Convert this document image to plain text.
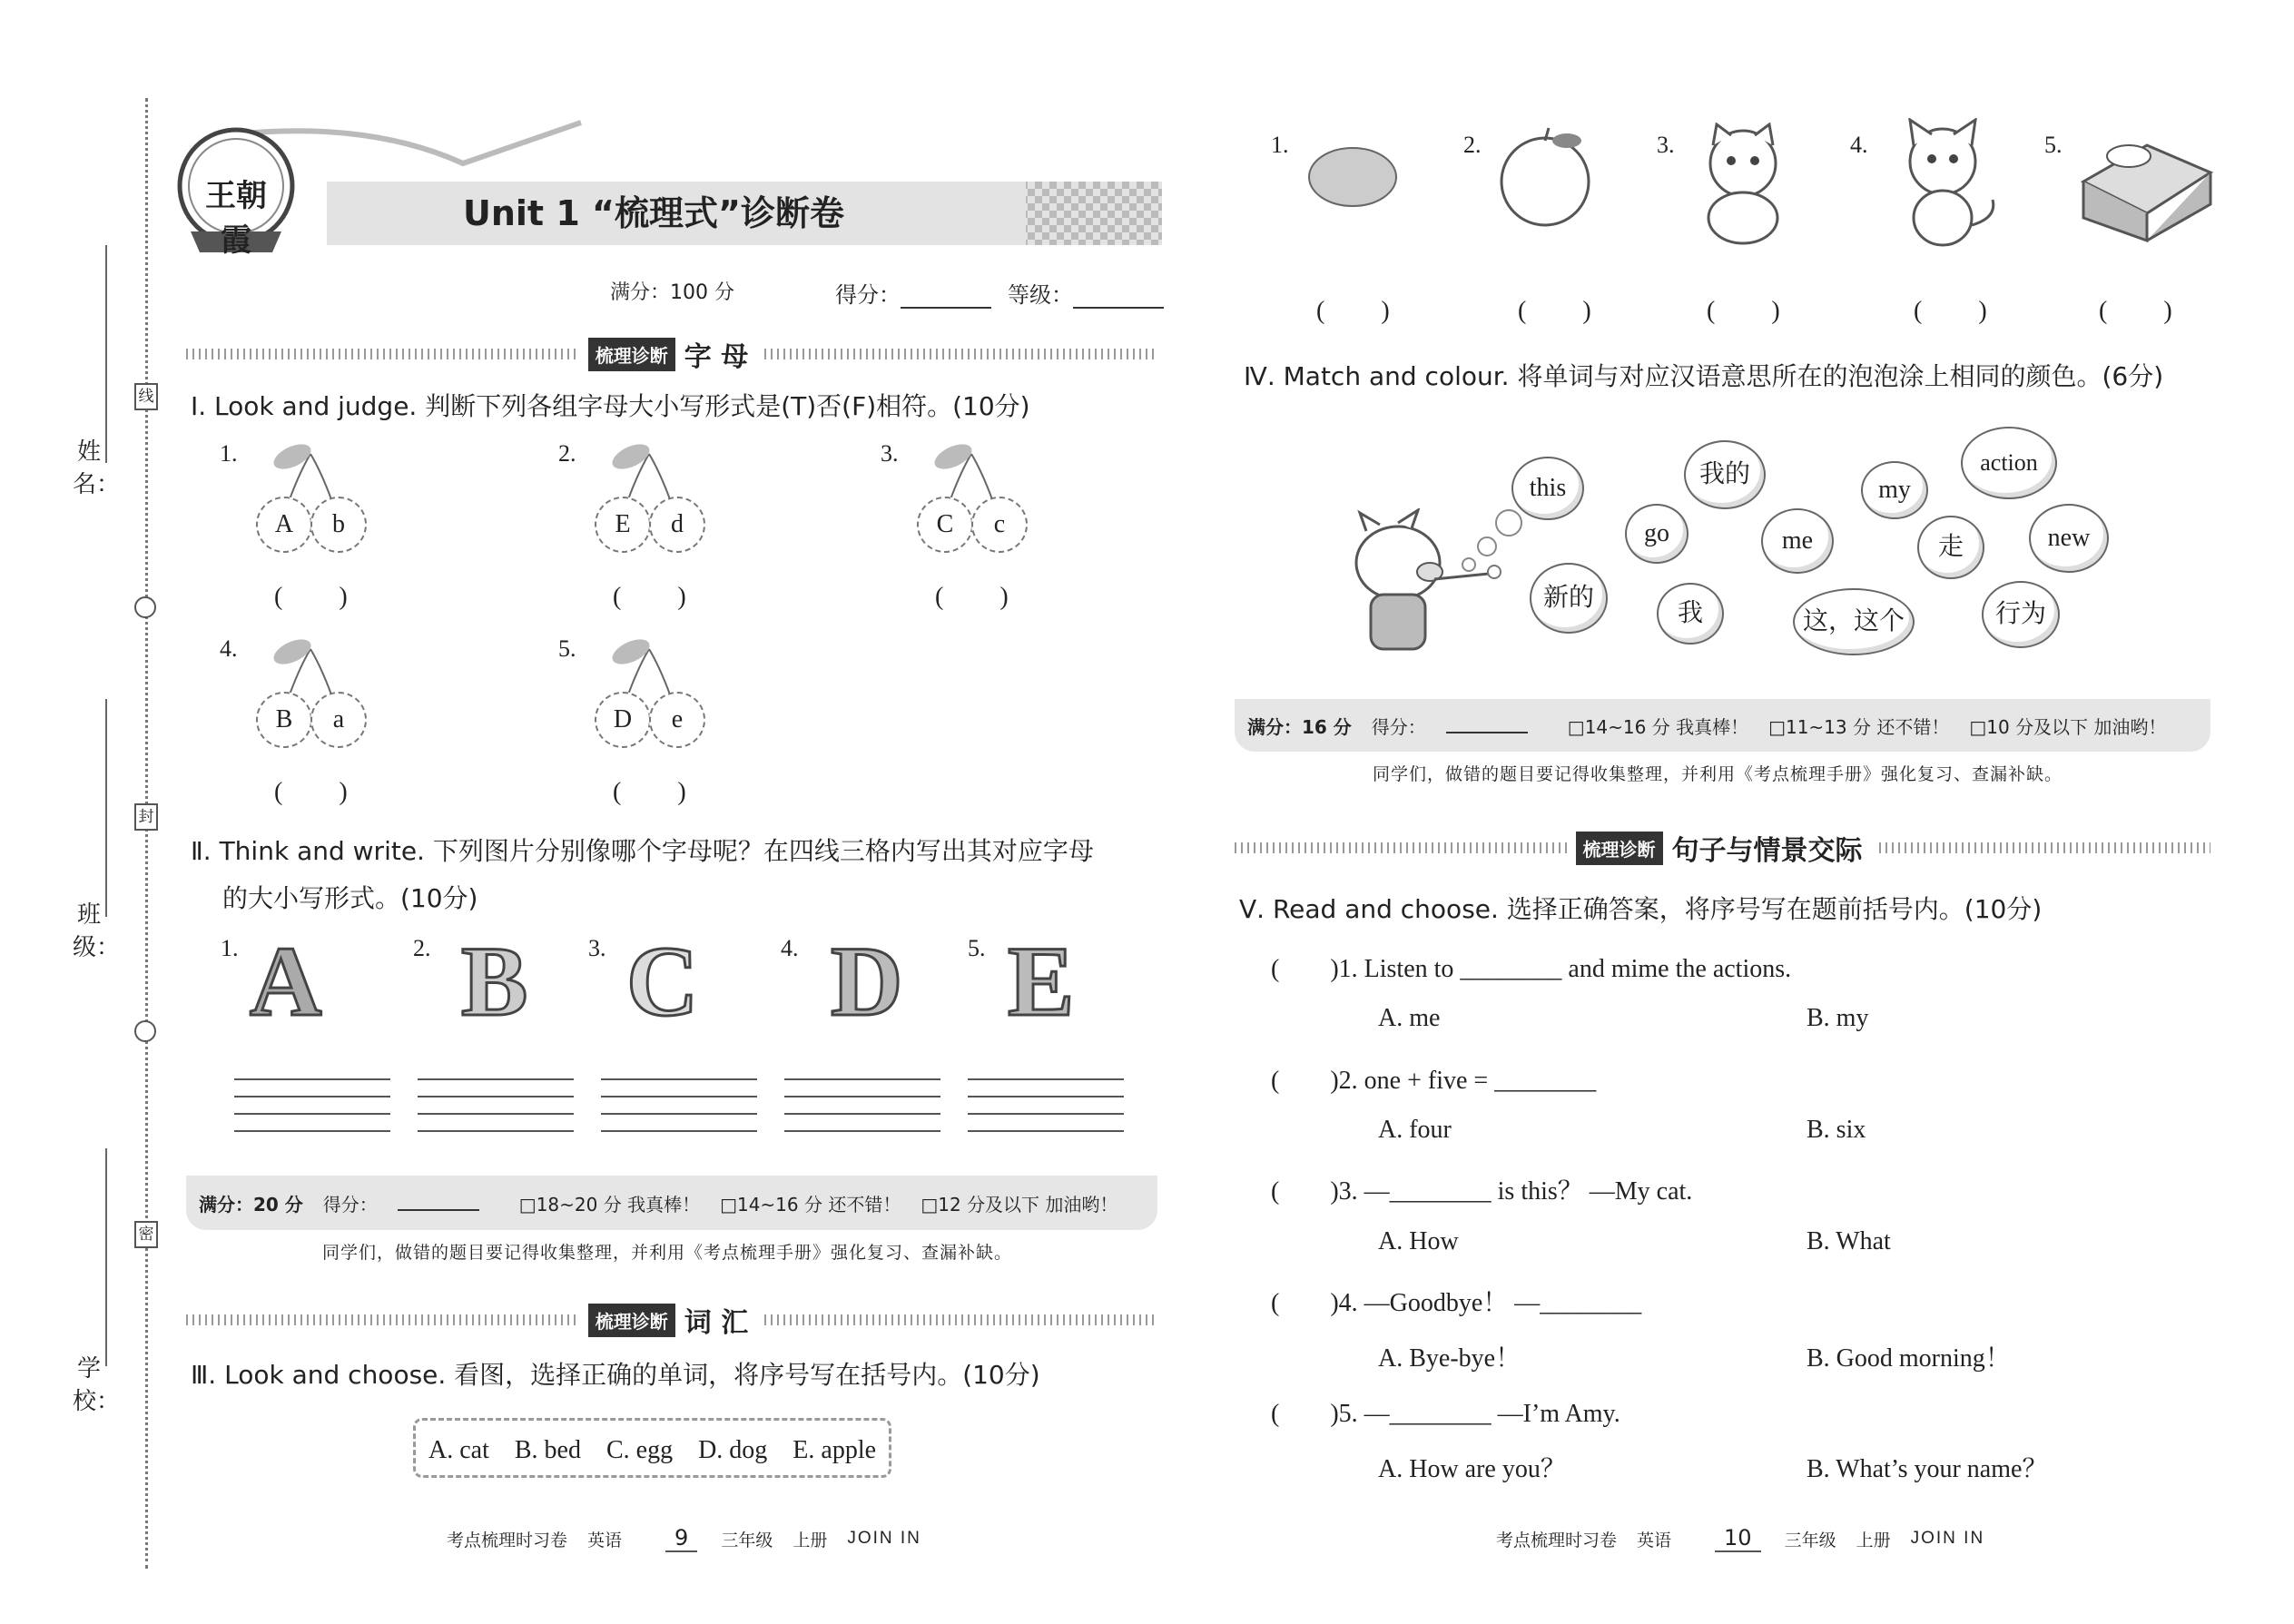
姓名：
班级：
学校：
线
封
密
王朝霞
Unit 1 “梳理式”诊断卷
满分：100 分	得分：	等级：
梳理诊断 字 母
Ⅰ. Look and judge. 判断下列各组字母大小写形式是(T)否(F)相符。(10分)
1.
A	b
(　　)
2.
E	d
(　　)
3.
C	c
(　　)
4.
B	a
(　　)
5.
D	e
(　　)
Ⅱ. Think and write. 下列图片分别像哪个字母呢？在四线三格内写出其对应字母
的大小写形式。(10分)
1.	2.	3.	4.	5.
A B C D E
满分：20 分 得分：	□18~20 分 我真棒！ □14~16 分 还不错！ □12 分及以下 加油哟！
同学们，做错的题目要记得收集整理，并利用《考点梳理手册》强化复习、查漏补缺。
梳理诊断 词 汇
Ⅲ. Look and choose. 看图，选择正确的单词，将序号写在括号内。(10分)
A. cat　B. bed　C. egg　D. dog　E. apple
考点梳理时习卷 英语	9	三年级 上册 JOIN IN
1.	2.	3.	4.	5.
(　　)	(　　)	(　　)	(　　)	(　　)
Ⅳ. Match and colour. 将单词与对应汉语意思所在的泡泡涂上相同的颜色。(6分)
this	我的
my
action
go	me	走	new
新的
我	这，这个	行为
满分：16 分 得分：	□14~16 分 我真棒！ □11~13 分 还不错！ □10 分及以下 加油哟！
同学们，做错的题目要记得收集整理，并利用《考点梳理手册》强化复习、查漏补缺。
梳理诊断 句子与情景交际
Ⅴ. Read and choose. 选择正确答案，将序号写在题前括号内。(10分)
(　　)1. Listen to ________ and mime the actions.
A. me	B. my
(　　)2. one + five = ________
A. four	B. six
(　　)3. —________ is this？ —My cat.
A. How	B. What
(　　)4. —Goodbye！ —________
A. Bye-bye！	B. Good morning！
(　　)5. —________ —I’m Amy.
A. How are you？	B. What’s your name？
考点梳理时习卷 英语	10	三年级 上册 JOIN IN
